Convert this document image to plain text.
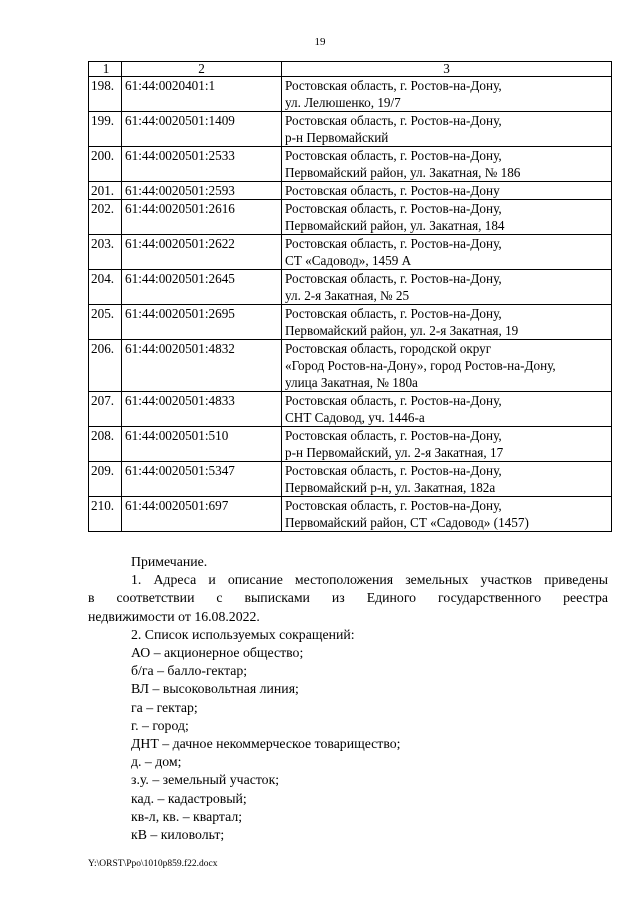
19
1	2	3
198.	61:44:0020401:1	Ростовская область, г. Ростов-на-Дону,
ул. Лелюшенко, 19/7
199.	61:44:0020501:1409	Ростовская область, г. Ростов-на-Дону,
р-н Первомайский
200.	61:44:0020501:2533	Ростовская область, г. Ростов-на-Дону,
Первомайский район, ул. Закатная, № 186
201.	61:44:0020501:2593	Ростовская область, г. Ростов-на-Дону
202.	61:44:0020501:2616	Ростовская область, г. Ростов-на-Дону,
Первомайский район, ул. Закатная, 184
203.	61:44:0020501:2622	Ростовская область, г. Ростов-на-Дону,
СТ «Садовод», 1459 А
204.	61:44:0020501:2645	Ростовская область, г. Ростов-на-Дону,
ул. 2-я Закатная, № 25
205.	61:44:0020501:2695	Ростовская область, г. Ростов-на-Дону,
Первомайский район, ул. 2-я Закатная, 19
206.	61:44:0020501:4832	Ростовская область, городской округ
«Город Ростов-на-Дону», город Ростов-на-Дону,
улица Закатная, № 180а
207.	61:44:0020501:4833	Ростовская область, г. Ростов-на-Дону,
СНТ Садовод, уч. 1446-а
208.	61:44:0020501:510	Ростовская область, г. Ростов-на-Дону,
р-н Первомайский, ул. 2-я Закатная, 17
209.	61:44:0020501:5347	Ростовская область, г. Ростов-на-Дону,
Первомайский р-н, ул. Закатная, 182а
210.	61:44:0020501:697	Ростовская область, г. Ростов-на-Дону,
Первомайский район, СТ «Садовод» (1457)

Примечание.

1. Адреса и описание местоположения земельных участков приведены

в соответствии с выписками из Единого государственного реестра

недвижимости от 16.08.2022.

2. Список используемых сокращений:

АО – акционерное общество;

б/га – балло-гектар;

ВЛ – высоковольтная линия;

га – гектар;

г. – город;

ДНТ – дачное некоммерческое товарищество;

д. – дом;

з.у. – земельный участок;

кад. – кадастровый;

кв-л, кв. – квартал;

кВ – киловольт;

Y:\ORST\Ppo\1010p859.f22.docx
